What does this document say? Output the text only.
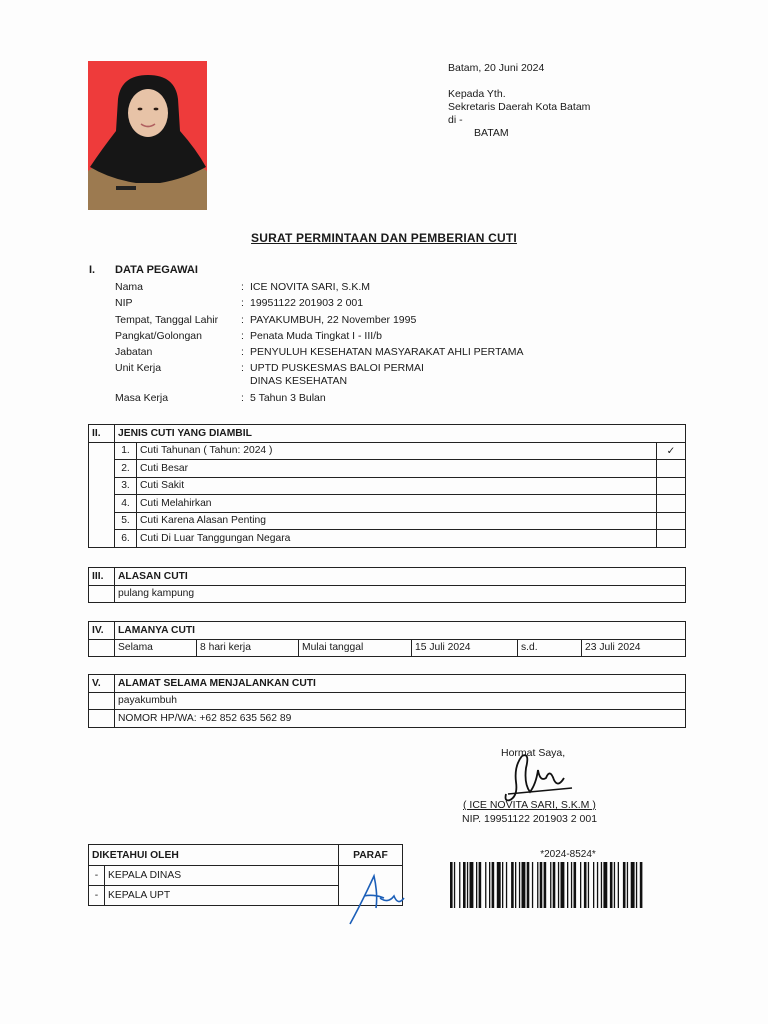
Batam, 20 Juni 2024
Kepada Yth.
Sekretaris Daerah Kota Batam
di -
BATAM
SURAT PERMINTAAN DAN PEMBERIAN CUTI
I. DATA PEGAWAI
Nama	: ICE NOVITA SARI, S.K.M
NIP	: 19951122 201903 2 001
Tempat, Tanggal Lahir : PAYAKUMBUH, 22 November 1995
Pangkat/Golongan	: Penata Muda Tingkat I - III/b
Jabatan	: PENYULUH KESEHATAN MASYARAKAT AHLI PERTAMA
Unit Kerja	: UPTD PUSKESMAS BALOI PERMAI
DINAS KESEHATAN
Masa Kerja	: 5 Tahun 3 Bulan
II.	JENIS CUTI YANG DIAMBIL		
	1.	Cuti Tahunan ( Tahun: 2024 )	✓
	2.	Cuti Besar	
	3.	Cuti Sakit	
	4.	Cuti Melahirkan	
	5.	Cuti Karena Alasan Penting	
	6.	Cuti Di Luar Tanggungan Negara	
III.	ALASAN CUTI
	pulang kampung
IV.	LAMANYA CUTI					
	Selama	8 hari kerja	Mulai tanggal	15 Juli 2024	s.d.	23 Juli 2024
V.	ALAMAT SELAMA MENJALANKAN CUTI
	payakumbuh
	NOMOR HP/WA: +62 852 635 562 89
Hormat Saya,
( ICE NOVITA SARI, S.K.M )
NIP. 19951122 201903 2 001
DIKETAHUI OLEH		PARAF
-	KEPALA DINAS	
-	KEPALA UPT	
*2024-8524*
